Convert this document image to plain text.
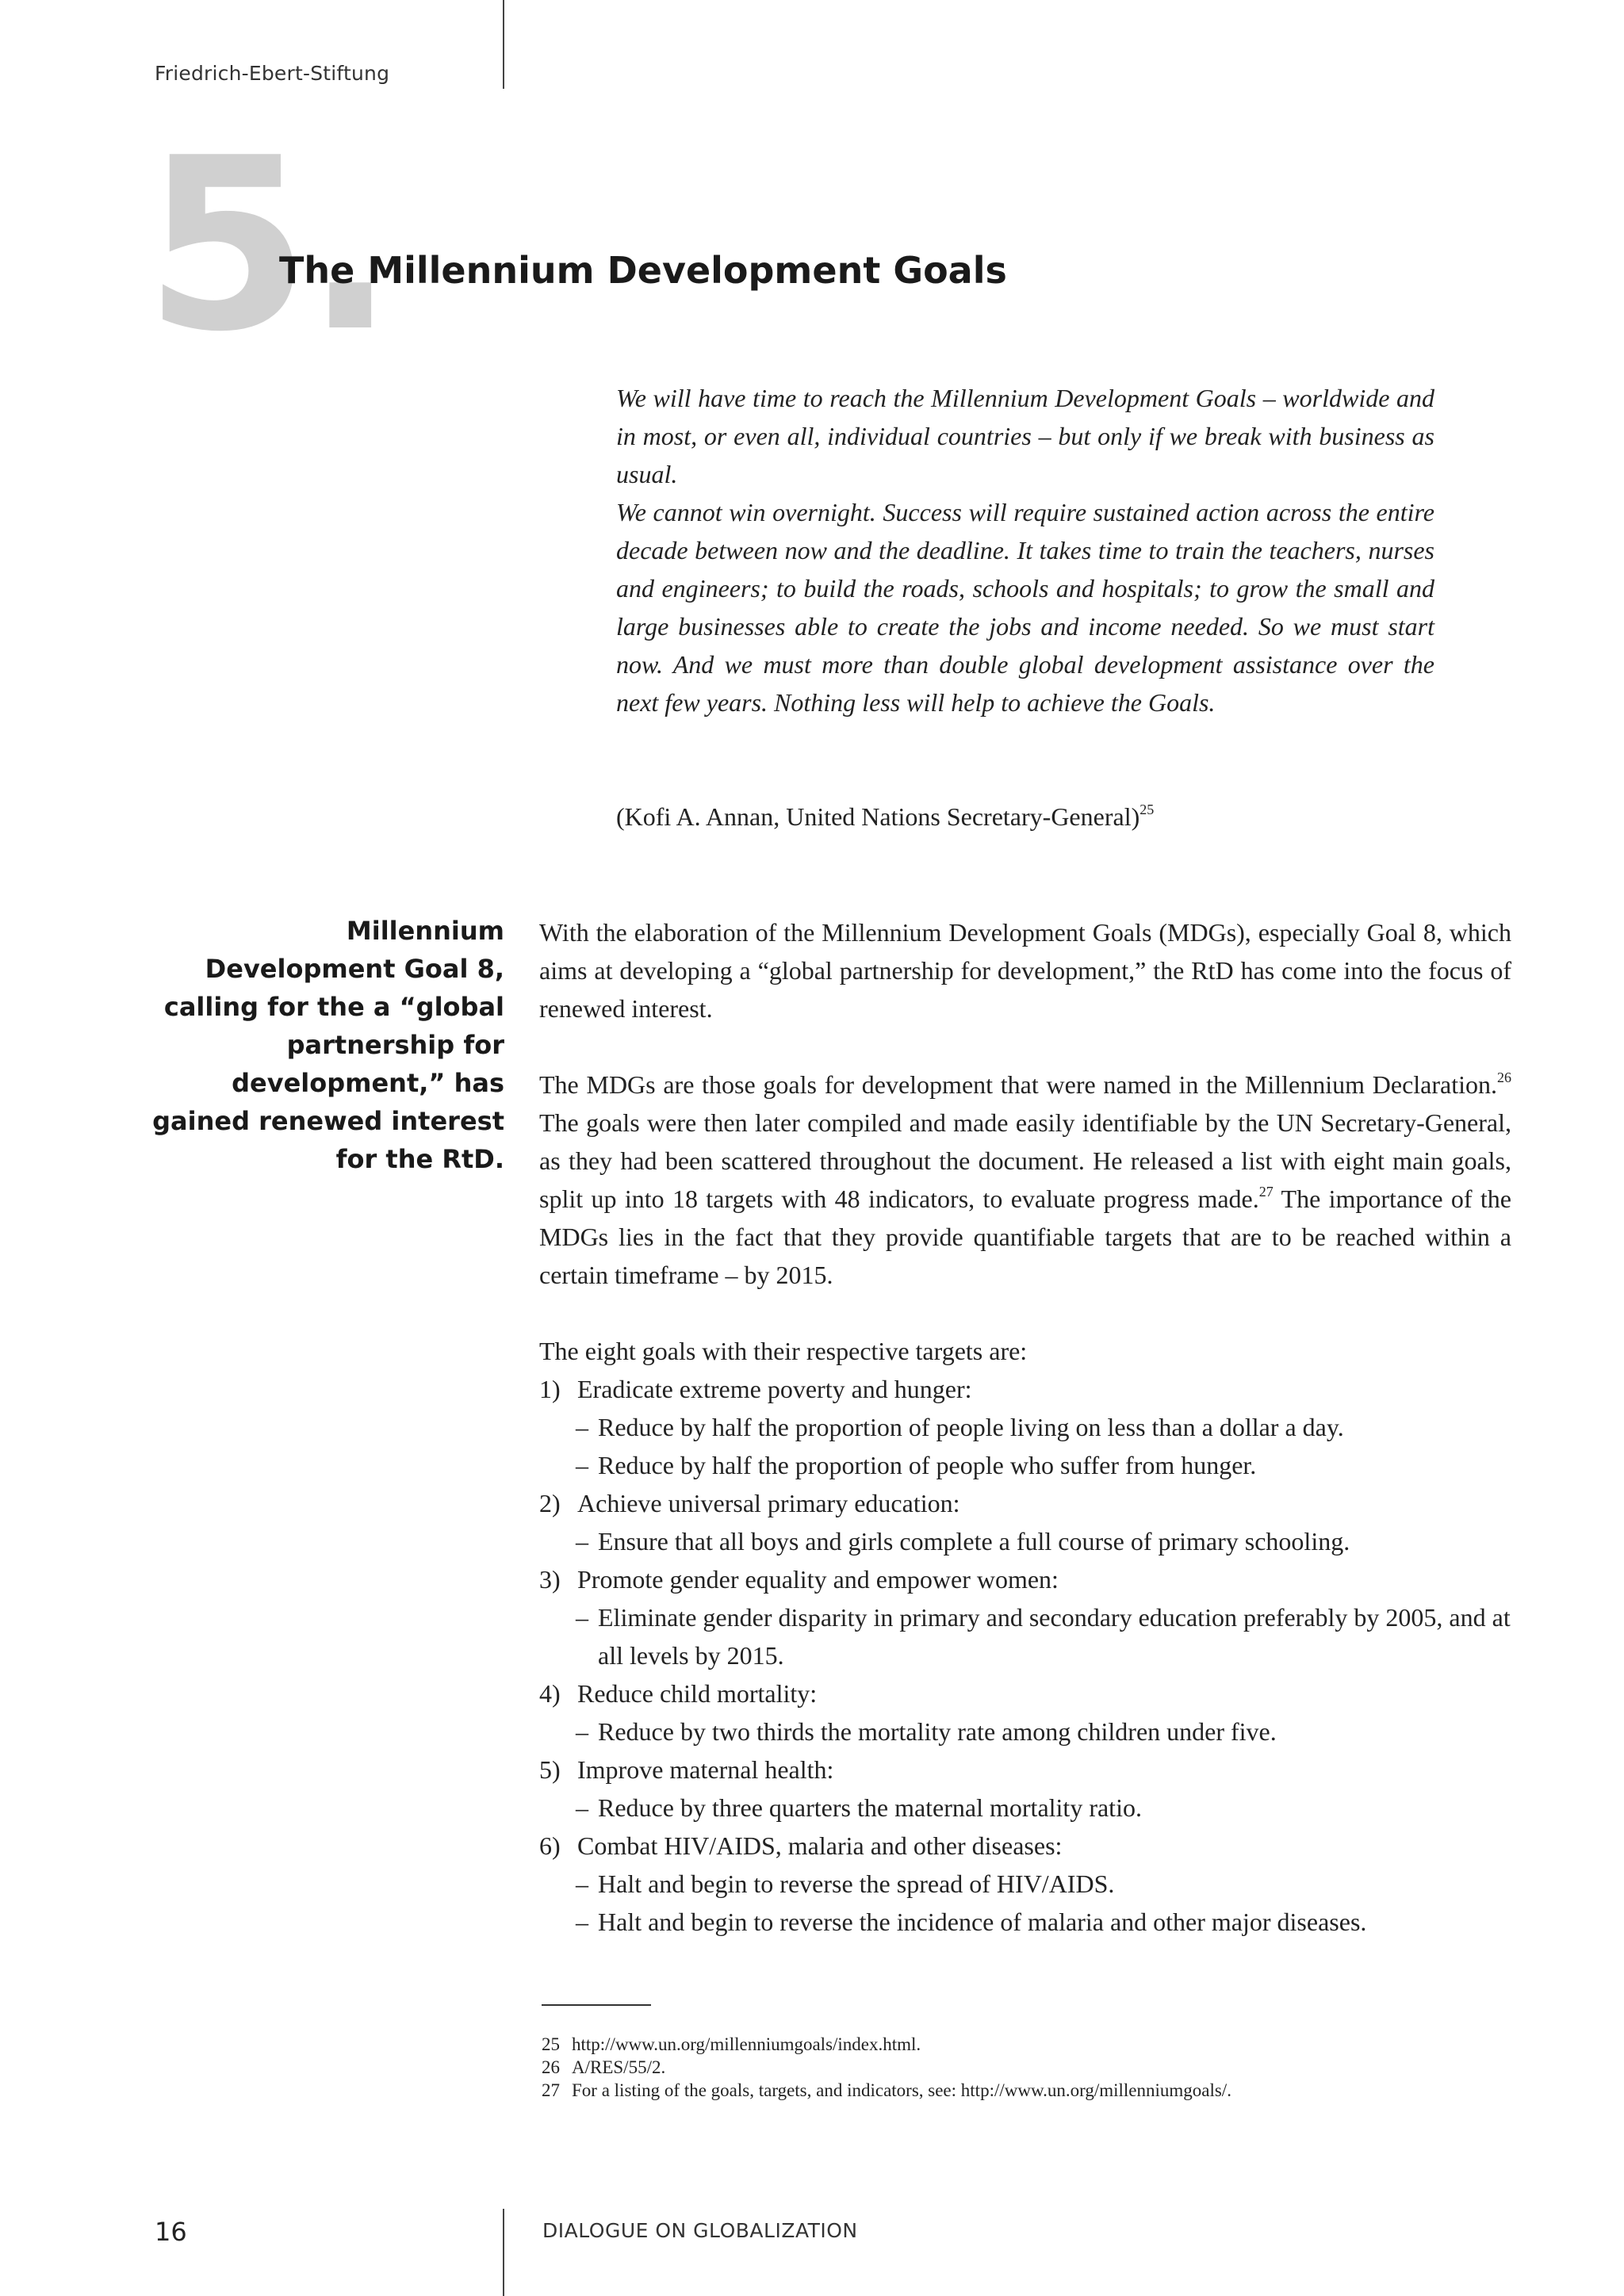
Friedrich-Ebert-Stiftung
5.
The Millennium Development Goals

We will have time to reach the Millennium Development Goals – worldwide and in most, or even all, individual countries – but only if we break with business as usual.

We cannot win overnight. Success will require sustained action across the entire decade between now and the deadline. It takes time to train the teachers, nurses and engineers; to build the roads, schools and hospitals; to grow the small and large businesses able to create the jobs and income needed. So we must start now. And we must more than double global development assistance over the next few years. Nothing less will help to achieve the Goals.

(Kofi A. Annan, United Nations Secretary-General)$^{25}$
Millennium Development Goal 8, calling for the a “global partnership for development,” has gained renewed interest for the RtD.

With the elaboration of the Millennium Development Goals (MDGs), especially Goal 8, which aims at developing a “global partnership for development,” the RtD has come into the focus of renewed interest.

The MDGs are those goals for development that were named in the Millennium Declaration.$^{26}$ The goals were then later compiled and made easily identifiable by the UN Secretary-General, as they had been scattered throughout the document. He released a list with eight main goals, split up into 18 targets with 48 indicators, to evaluate progress made.$^{27}$ The importance of the MDGs lies in the fact that they provide quantifiable targets that are to be reached within a certain timeframe – by 2015.

The eight goals with their respective targets are:
1) Eradicate extreme poverty and hunger:
– Reduce by half the proportion of people living on less than a dollar a day.
– Reduce by half the proportion of people who suffer from hunger.
2) Achieve universal primary education:
– Ensure that all boys and girls complete a full course of primary schooling.
3) Promote gender equality and empower women:
– Eliminate gender disparity in primary and secondary education preferably by 2005, and at all levels by 2015.
4) Reduce child mortality:
– Reduce by two thirds the mortality rate among children under five.
5) Improve maternal health:
– Reduce by three quarters the maternal mortality ratio.
6) Combat HIV/AIDS, malaria and other diseases:
– Halt and begin to reverse the spread of HIV/AIDS.
– Halt and begin to reverse the incidence of malaria and other major diseases.
25 http://www.un.org/millenniumgoals/index.html.
26 A/RES/55/2.
27 For a listing of the goals, targets, and indicators, see: http://www.un.org/millenniumgoals/.
16	DIALOGUE ON GLOBALIZATION
